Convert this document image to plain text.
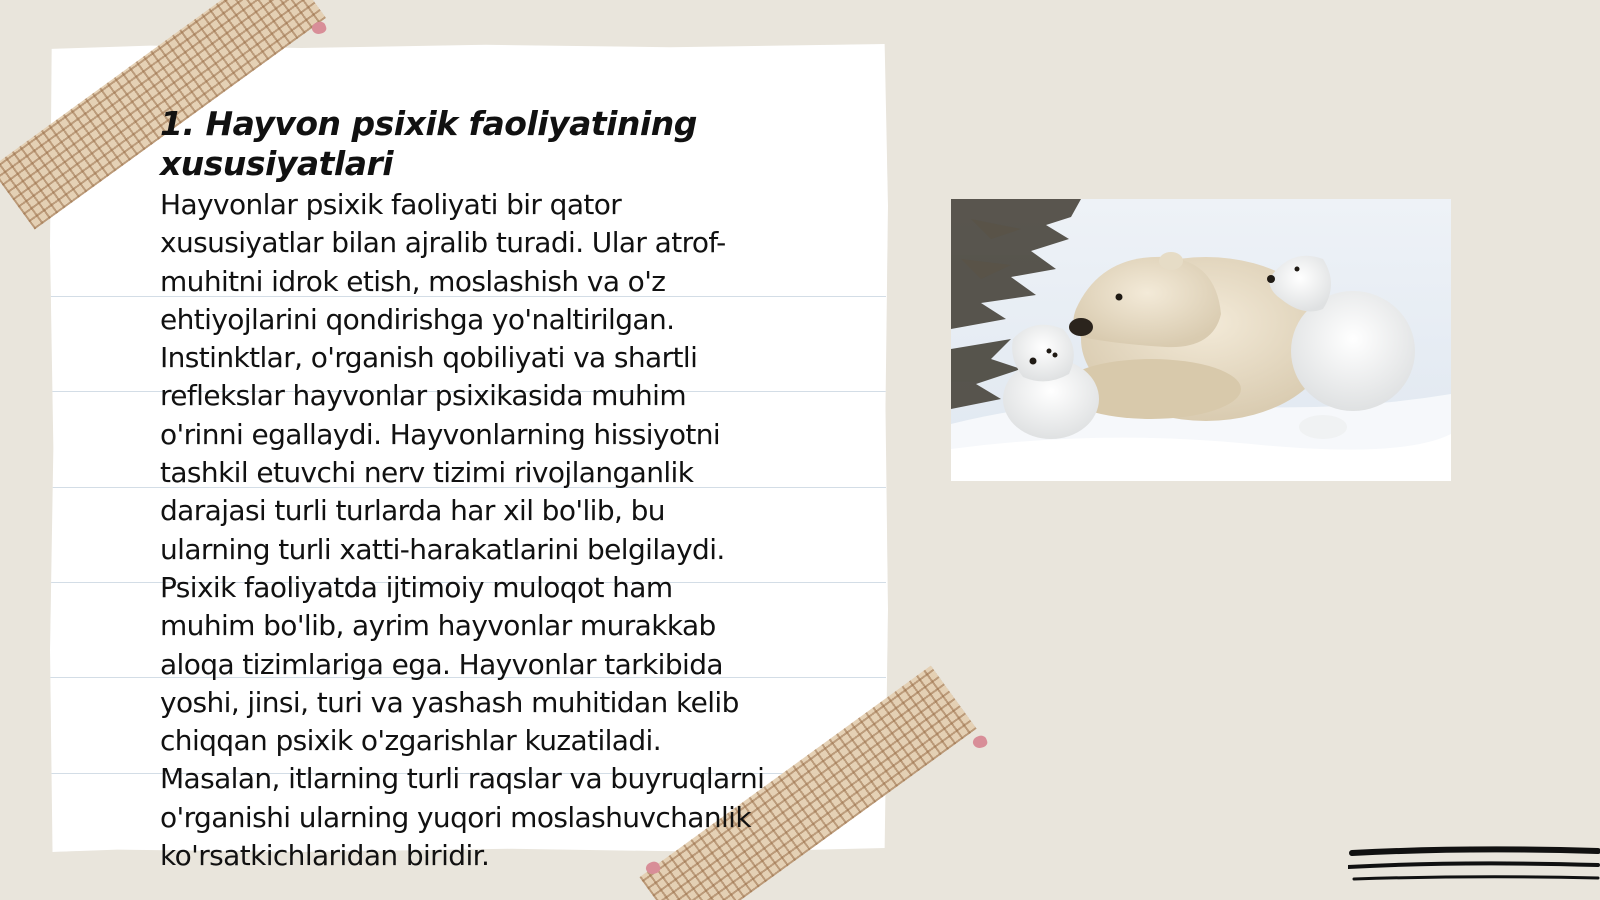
1. Hayvon psixik faoliyatining xususiyatlari

Hayvonlar psixik faoliyati bir qator
xususiyatlar bilan ajralib turadi. Ular atrof-
muhitni idrok etish, moslashish va o'z
ehtiyojlarini qondirishga yo'naltirilgan.
Instinktlar, o'rganish qobiliyati va shartli
reflekslar hayvonlar psixikasida muhim
o'rinni egallaydi. Hayvonlarning hissiyotni
tashkil etuvchi nerv tizimi rivojlanganlik
darajasi turli turlarda har xil bo'lib, bu
ularning turli xatti-harakatlarini belgilaydi.
Psixik faoliyatda ijtimoiy muloqot ham
muhim bo'lib, ayrim hayvonlar murakkab
aloqa tizimlariga ega. Hayvonlar tarkibida
yoshi, jinsi, turi va yashash muhitidan kelib
chiqqan psixik o'zgarishlar kuzatiladi.
Masalan, itlarning turli raqslar va buyruqlarni
o'rganishi ularning yuqori moslashuvchanlik
ko'rsatkichlaridan biridir.
